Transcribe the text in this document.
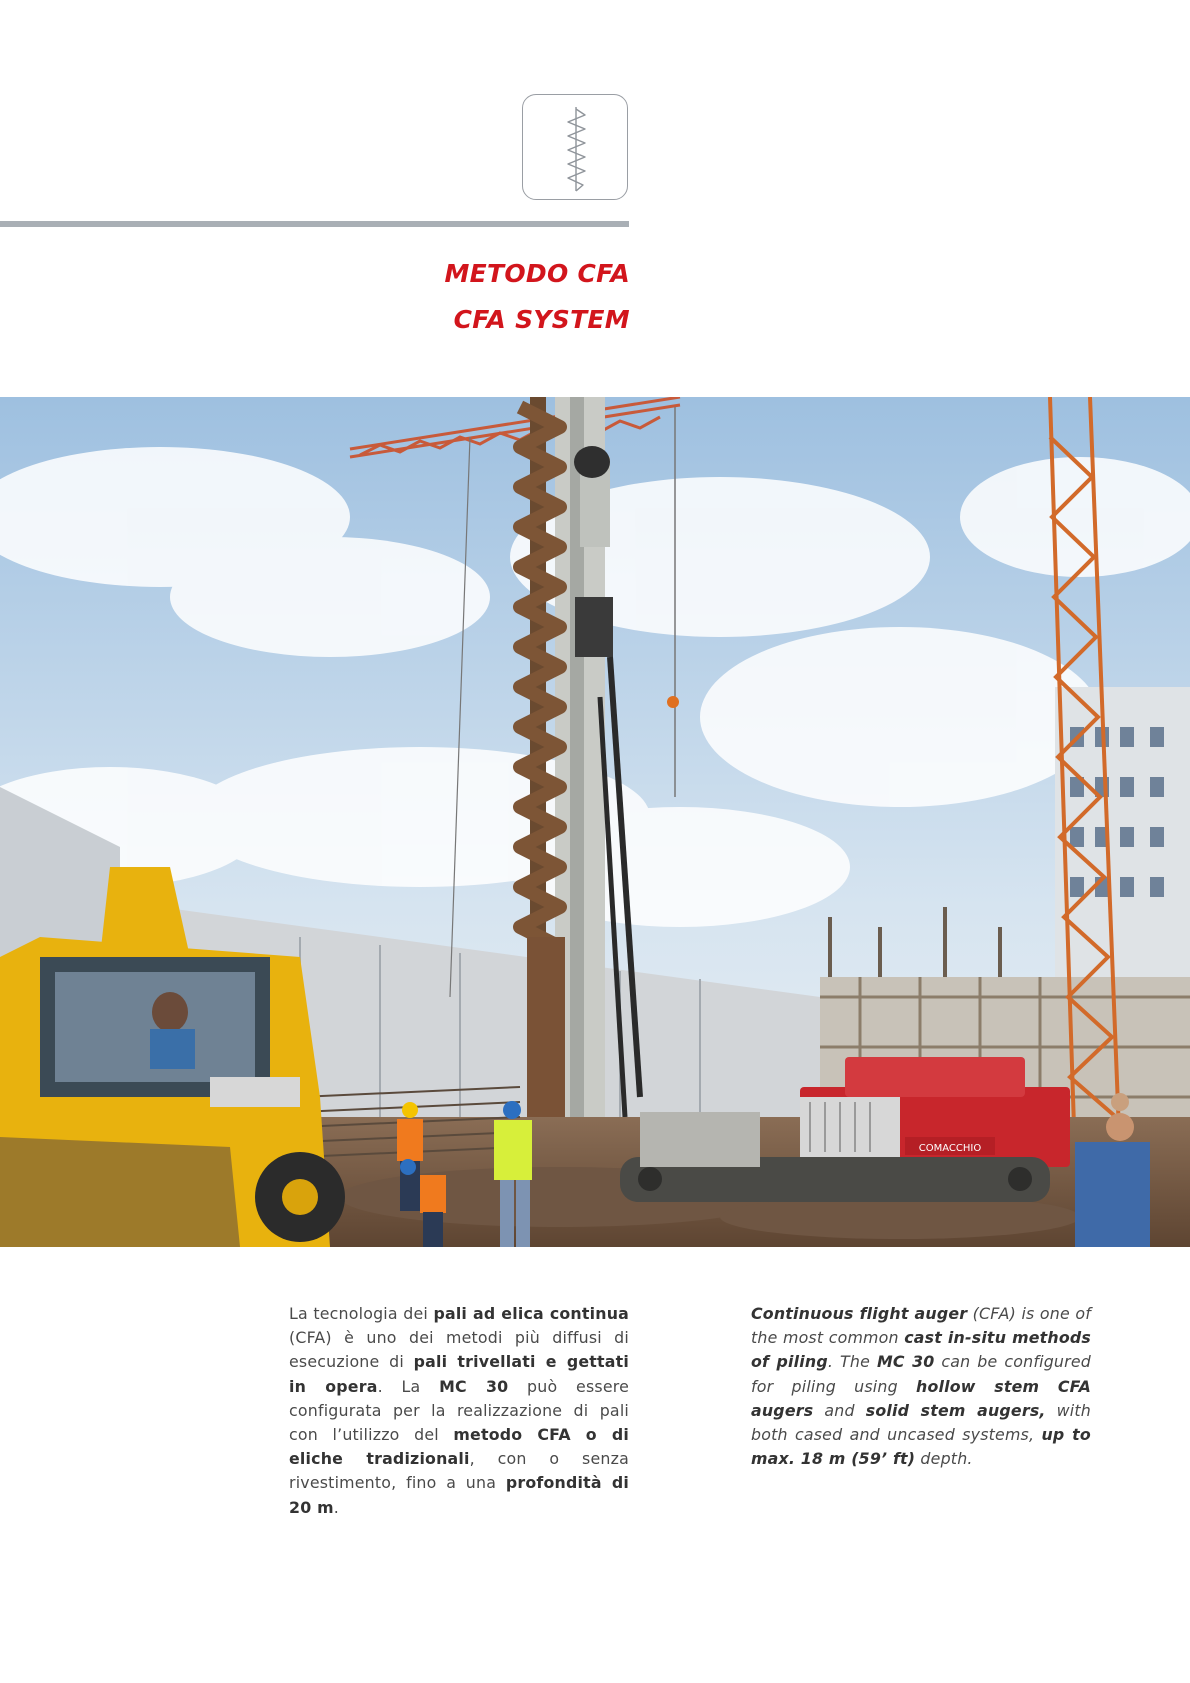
METODO CFA
CFA SYSTEM
COMACCHIO
La tecnologia dei pali ad elica continua (CFA) è uno dei metodi più diffusi di esecuzione di pali trivellati e gettati in opera. La MC 30 può essere configurata per la realizzazione di pali con l’utilizzo del metodo CFA o di eliche tradizionali, con o senza rivestimento, fino a una profondità di 20 m.
Continuous flight auger (CFA) is one of the most common cast in-situ methods of piling. The MC 30 can be configured for piling using hollow stem CFA augers and solid stem augers, with both cased and uncased systems, up to max. 18 m (59’ ft) depth.
